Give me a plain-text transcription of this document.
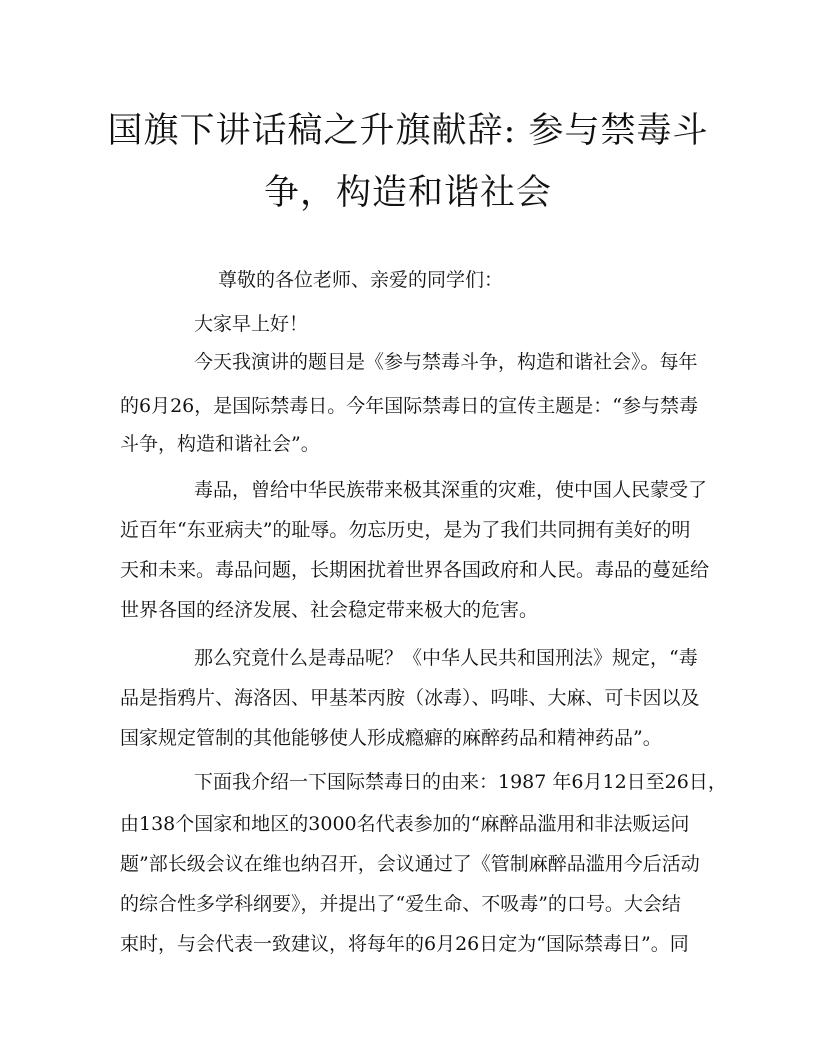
国旗下讲话稿之升旗献辞: 参与禁毒斗
争，构造和谐社会
尊敬的各位老师、亲爱的同学们：
大家早上好！
今天我演讲的题目是《参与禁毒斗争，构造和谐社会》。每年
的6月26，是国际禁毒日。今年国际禁毒日的宣传主题是：“参与禁毒
斗争，构造和谐社会”。
毒品，曾给中华民族带来极其深重的灾难，使中国人民蒙受了
近百年“东亚病夫”的耻辱。勿忘历史，是为了我们共同拥有美好的明
天和未来。毒品问题，长期困扰着世界各国政府和人民。毒品的蔓延给
世界各国的经济发展、社会稳定带来极大的危害。
那么究竟什么是毒品呢？《中华人民共和国刑法》规定，“毒
品是指鸦片、海洛因、甲基苯丙胺（冰毒）、吗啡、大麻、可卡因以及
国家规定管制的其他能够使人形成瘾癖的麻醉药品和精神药品”。
下面我介绍一下国际禁毒日的由来：1987 年6月12日至26日，
由138个国家和地区的3000名代表参加的“麻醉品滥用和非法贩运问
题”部长级会议在维也纳召开，会议通过了《管制麻醉品滥用今后活动
的综合性多学科纲要》，并提出了“爱生命、不吸毒”的口号。大会结
束时，与会代表一致建议，将每年的6月26日定为“国际禁毒日”。同
